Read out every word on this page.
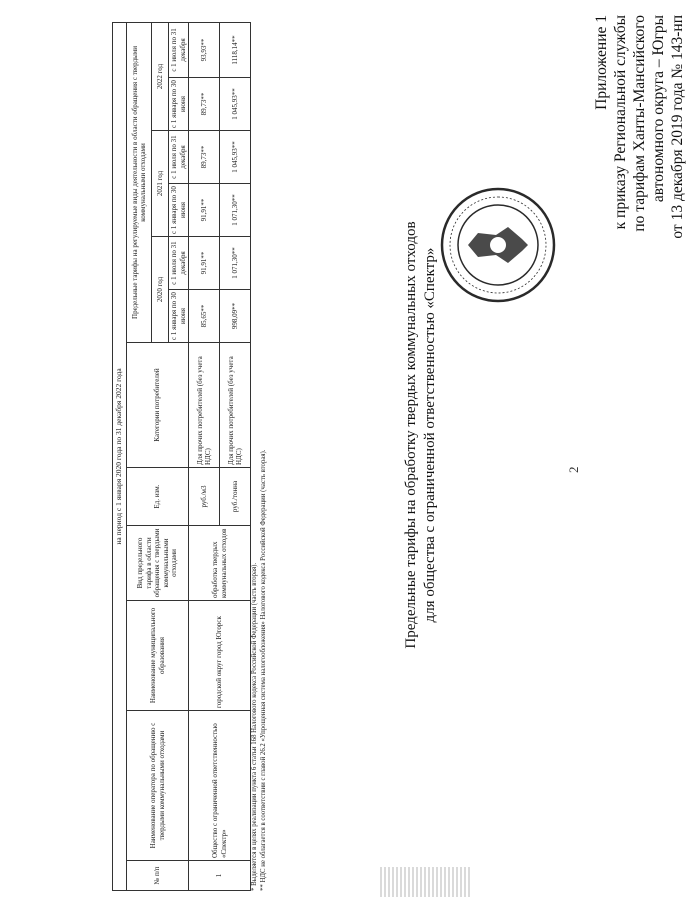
2
Приложение 1 к приказу Региональной службы по тарифам Ханты-Мансийского автономного округа – Югры от 13 декабря 2019 года № 143-нп
Предельные тарифы на обработку твердых коммунальных отходов для общества с ограниченной ответственностью «Спектр»
на период с 1 января 2020 года по 31 декабря 2022 года											
№ п/п	Наименование оператора по обращению с твердыми коммунальными отходами	Наименование муниципального образования	Вид предельного тарифа в области обращения с твердыми коммунальными отходами	Ед. изм.	Категории потребителей	Предельные тарифы на регулируемые виды деятельности в области обращения с твердыми коммунальными отходами					
						2020 год		2021 год		2022 год	
						с 1 января по 30 июня	с 1 июля по 31 декабря	с 1 января по 30 июня	с 1 июля по 31 декабря	с 1 января по 30 июня	с 1 июля по 31 декабря
1	Общество с ограниченной ответственностью «Спектр»	городской округ город Югорск	обработка твердых коммунальных отходов	руб./м3	Для прочих потребителей (без учета НДС)	85,65**	91,91**	91,91**	89,73**	89,73**	93,93**
				руб./тонна	Для прочих потребителей (без учета НДС)	998,09**	1 071,30**	1 071,30**	1 045,93**	1 045,93**	1118,14**
* Выделяется в целях реализации пункта 6 статьи 168 Налогового кодекса Российской Федерации (часть вторая). ** НДС не облагается в соответствии с главой 26.2 «Упрощенная система налогообложения» Налогового кодекса Российской Федерации (часть вторая).
